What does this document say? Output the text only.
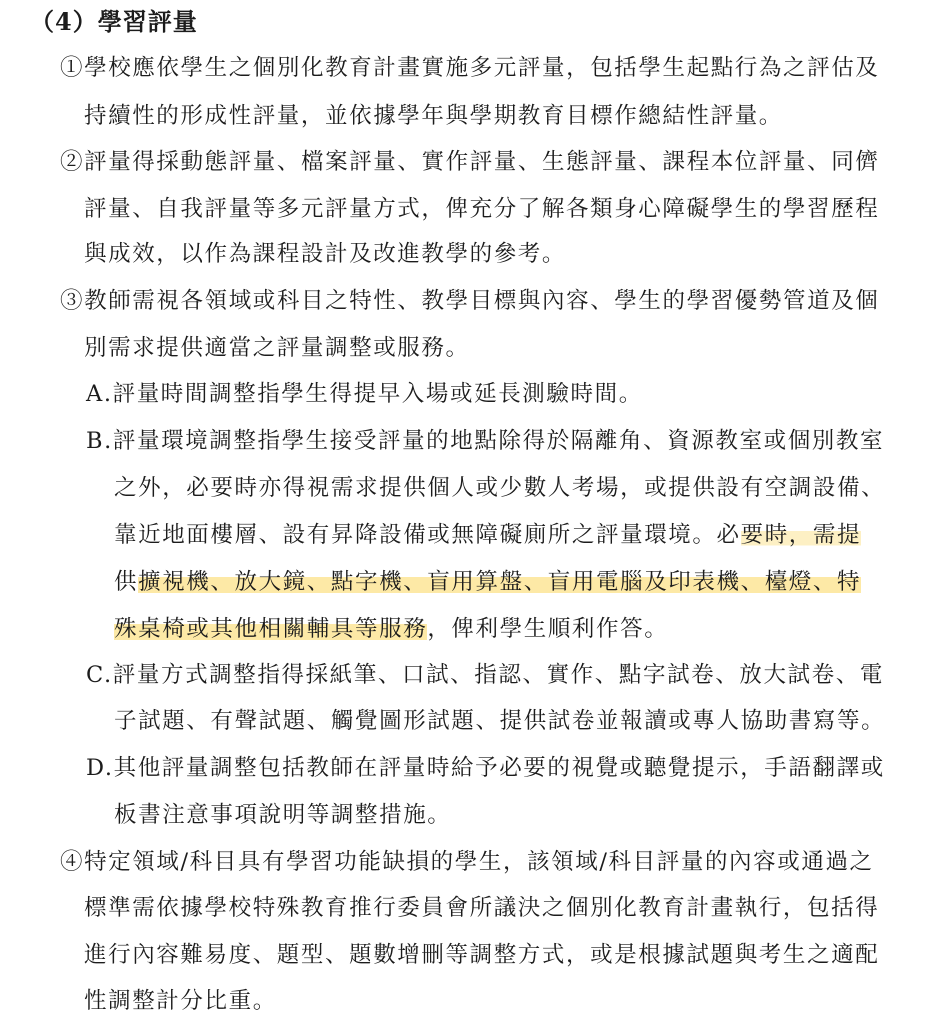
（4）學習評量
①學校應依學生之個別化教育計畫實施多元評量，包括學生起點行為之評估及
持續性的形成性評量，並依據學年與學期教育目標作總結性評量。
②評量得採動態評量、檔案評量、實作評量、生態評量、課程本位評量、同儕
評量、自我評量等多元評量方式，俾充分了解各類身心障礙學生的學習歷程
與成效，以作為課程設計及改進教學的參考。
③教師需視各領域或科目之特性、教學目標與內容、學生的學習優勢管道及個
別需求提供適當之評量調整或服務。
A.評量時間調整指學生得提早入場或延長測驗時間。
B.評量環境調整指學生接受評量的地點除得於隔離角、資源教室或個別教室
之外，必要時亦得視需求提供個人或少數人考場，或提供設有空調設備、
靠近地面樓層、設有昇降設備或無障礙廁所之評量環境。必要時，需提
供擴視機、放大鏡、點字機、盲用算盤、盲用電腦及印表機、檯燈、特
殊桌椅或其他相關輔具等服務，俾利學生順利作答。
C.評量方式調整指得採紙筆、口試、指認、實作、點字試卷、放大試卷、電
子試題、有聲試題、觸覺圖形試題、提供試卷並報讀或專人協助書寫等。
D.其他評量調整包括教師在評量時給予必要的視覺或聽覺提示，手語翻譯或
板書注意事項說明等調整措施。
④特定領域/科目具有學習功能缺損的學生，該領域/科目評量的內容或通過之
標準需依據學校特殊教育推行委員會所議決之個別化教育計畫執行，包括得
進行內容難易度、題型、題數增刪等調整方式，或是根據試題與考生之適配
性調整計分比重。
